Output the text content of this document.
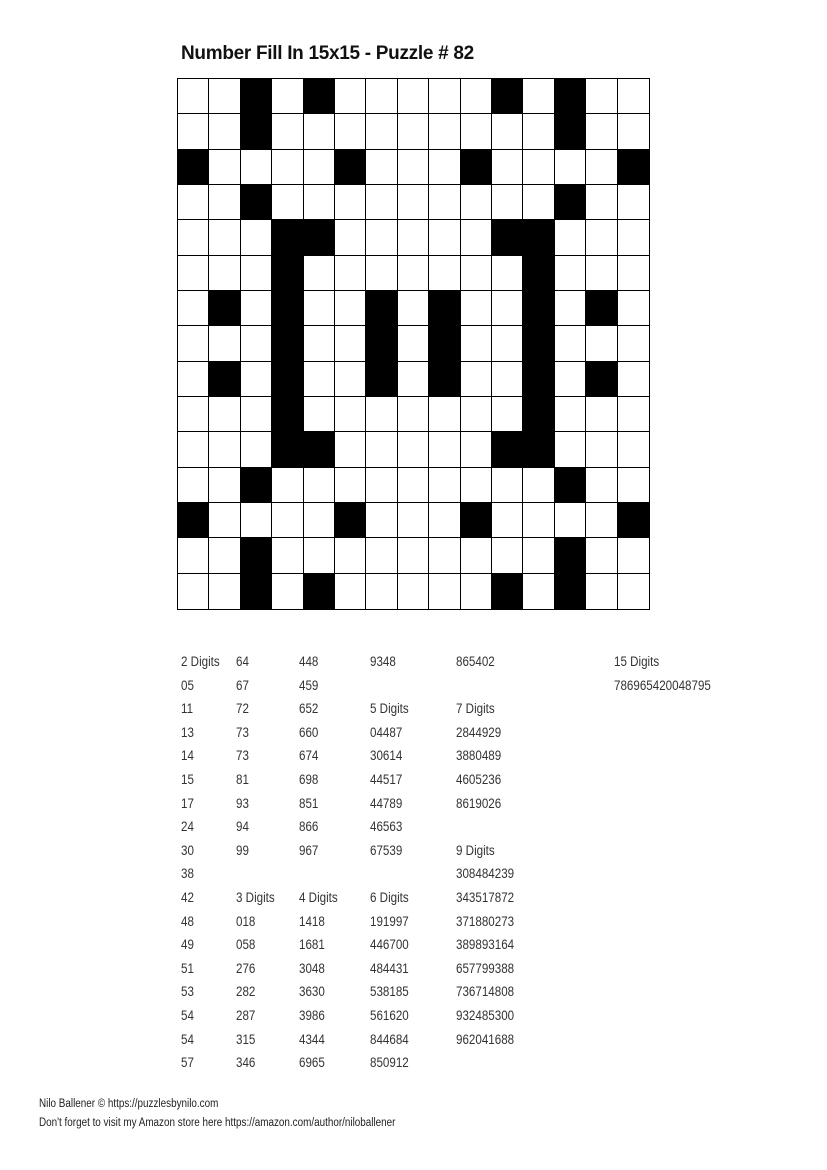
Number Fill In 15x15 - Puzzle # 82
2 Digits
05
11
13
14
15
17
24
30
38
42
48
49
51
53
54
54
57
64
67
72
73
73
81
93
94
99
3 Digits
018
058
276
282
287
315
346
448
459
652
660
674
698
851
866
967
4 Digits
1418
1681
3048
3630
3986
4344
6965
9348
5 Digits
04487
30614
44517
44789
46563
67539
6 Digits
191997
446700
484431
538185
561620
844684
850912
865402
7 Digits
2844929
3880489
4605236
8619026
9 Digits
308484239
343517872
371880273
389893164
657799388
736714808
932485300
962041688
15 Digits
786965420048795
Nilo Ballener © https://puzzlesbynilo.com
Don't forget to visit my Amazon store here https://amazon.com/author/niloballener
